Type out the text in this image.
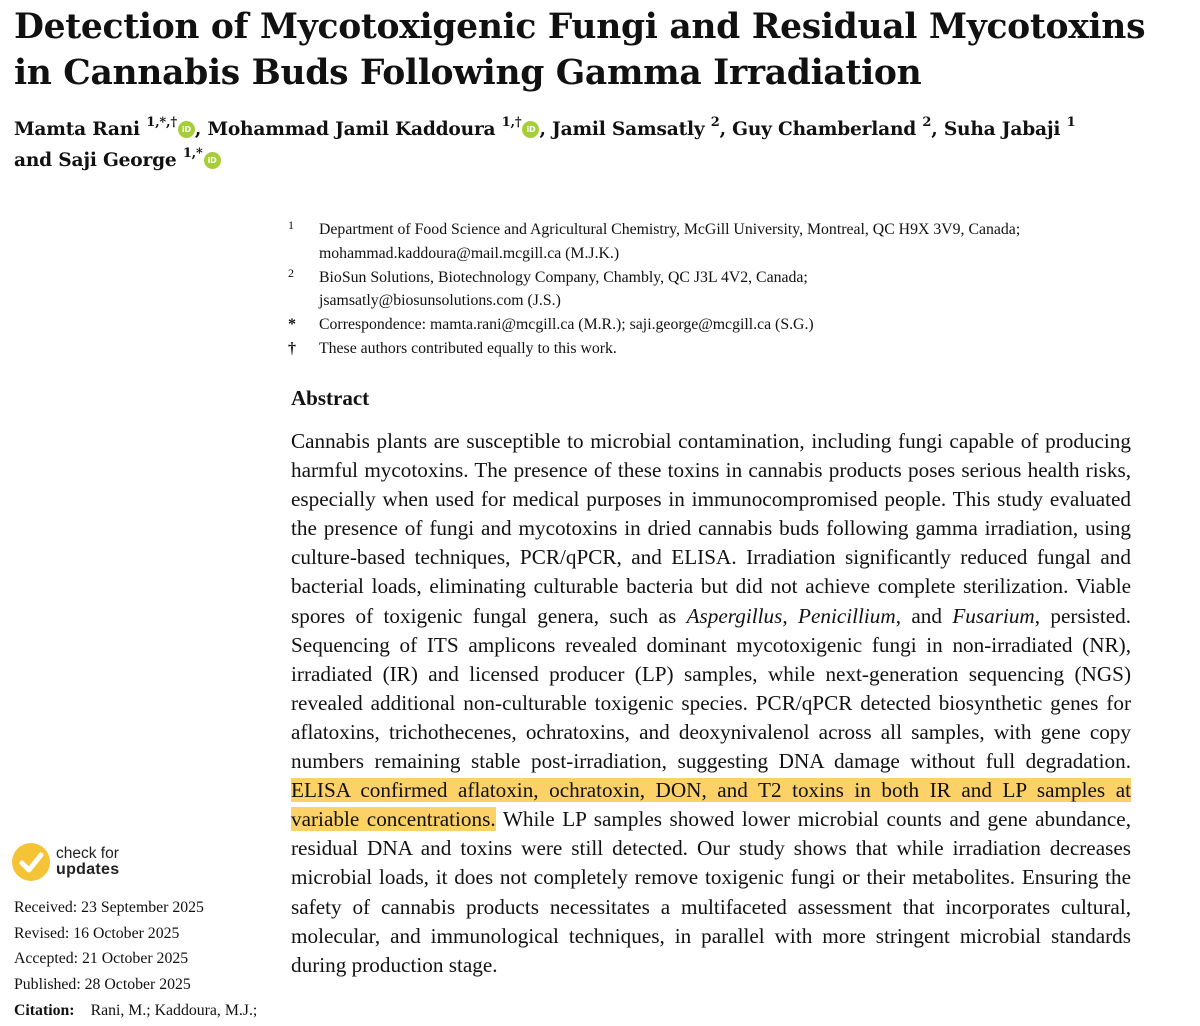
Detection of Mycotoxigenic Fungi and Residual Mycotoxins in Cannabis Buds Following Gamma Irradiation
Mamta Rani $^{1,*,\dagger}$ iD , Mohammad Jamil Kaddoura $^{1,\dagger}$ iD , Jamil Samsatly $^2$, Guy Chamberland $^2$, Suha Jabaji $^1$
and Saji George $^{1,*}$ iD
1 Department of Food Science and Agricultural Chemistry, McGill University, Montreal, QC H9X 3V9, Canada;
mohammad.kaddoura@mail.mcgill.ca (M.J.K.)
2 BioSun Solutions, Biotechnology Company, Chambly, QC J3L 4V2, Canada;
jsamsatly@biosunsolutions.com (J.S.)
* Correspondence: mamta.rani@mcgill.ca (M.R.); saji.george@mcgill.ca (S.G.)
† These authors contributed equally to this work.
Abstract

Cannabis plants are susceptible to microbial contamination, including fungi capable of producing harmful mycotoxins. The presence of these toxins in cannabis products poses serious health risks, especially when used for medical purposes in immunocompromised people. This study evaluated the presence of fungi and mycotoxins in dried cannabis buds following gamma irradiation, using culture-based techniques, PCR/qPCR, and ELISA. Irradiation significantly reduced fungal and bacterial loads, eliminating culturable bacteria but did not achieve complete sterilization. Viable spores of toxigenic fungal genera, such as Aspergillus, Penicillium, and Fusarium, persisted. Sequencing of ITS amplicons revealed dominant mycotoxigenic fungi in non-irradiated (NR), irradiated (IR) and licensed producer (LP) samples, while next-generation sequencing (NGS) revealed additional non-culturable toxigenic species. PCR/qPCR detected biosynthetic genes for aflatoxins, trichothecenes, ochratoxins, and deoxynivalenol across all samples, with gene copy numbers remaining stable post-irradiation, suggesting DNA damage without full degradation. ELISA confirmed aflatoxin, ochratoxin, DON, and T2 toxins in both IR and LP samples at variable concentrations. While LP samples showed lower microbial counts and gene abundance, residual DNA and toxins were still detected. Our study shows that while irradiation decreases microbial loads, it does not completely remove toxigenic fungi or their metabolites. Ensuring the safety of cannabis products necessitates a multifaceted assessment that incorporates cultural, molecular, and immunological techniques, in parallel with more stringent microbial standards during production stage.

check for
updates
Received: 23 September 2025
Revised: 16 October 2025
Accepted: 21 October 2025
Published: 28 October 2025
Citation: Rani, M.; Kaddoura, M.J.;
